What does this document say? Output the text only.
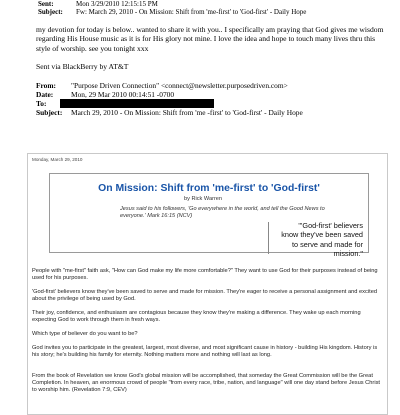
Sent:	Mon 3/29/2010 12:15:15 PM
Subject: Fw: March 29, 2010 - On Mission: Shift from 'me-first' to 'God-first' - Daily Hope
my devotion for today is below.. wanted to share it with you.. I specifically am praying that God gives me wisdom regarding His House music as it is for His glory not mine. I love the idea and hope to touch many lives thru this style of worship. see you tonight xxx
Sent via BlackBerry by AT&T
From: "Purpose Driven Connection" <connect@newsletter.purposedriven.com>
Date: Mon, 29 Mar 2010 00:14:51 -0700
To:
Subject: March 29, 2010 - On Mission: Shift from 'me -first' to 'God-first' - Daily Hope
Monday, March 29, 2010
On Mission: Shift from 'me-first' to 'God-first'
by Rick Warren
Jesus said to his followers, 'Go everywhere in the world, and tell the Good News to everyone.' Mark 16:15 (NCV)
"'God-first' believers know they've been saved to serve and made for mission."
People with "me-first" faith ask, "How can God make my life more comfortable?" They want to use God for their purposes instead of being used for his purposes.
'God-first' believers know they've been saved to serve and made for mission. They're eager to receive a personal assignment and excited about the privilege of being used by God.
Their joy, confidence, and enthusiasm are contagious because they know they're making a difference. They wake up each morning expecting God to work through them in fresh ways.
Which type of believer do you want to be?
God invites you to participate in the greatest, largest, most diverse, and most significant cause in history - building His kingdom. History is his story; he's building his family for eternity. Nothing matters more and nothing will last as long.
From the book of Revelation we know God's global mission will be accomplished, that someday the Great Commission will be the Great Completion. In heaven, an enormous crowd of people "from every race, tribe, nation, and language" will one day stand before Jesus Christ to worship him. (Revelation 7:9, CEV)
